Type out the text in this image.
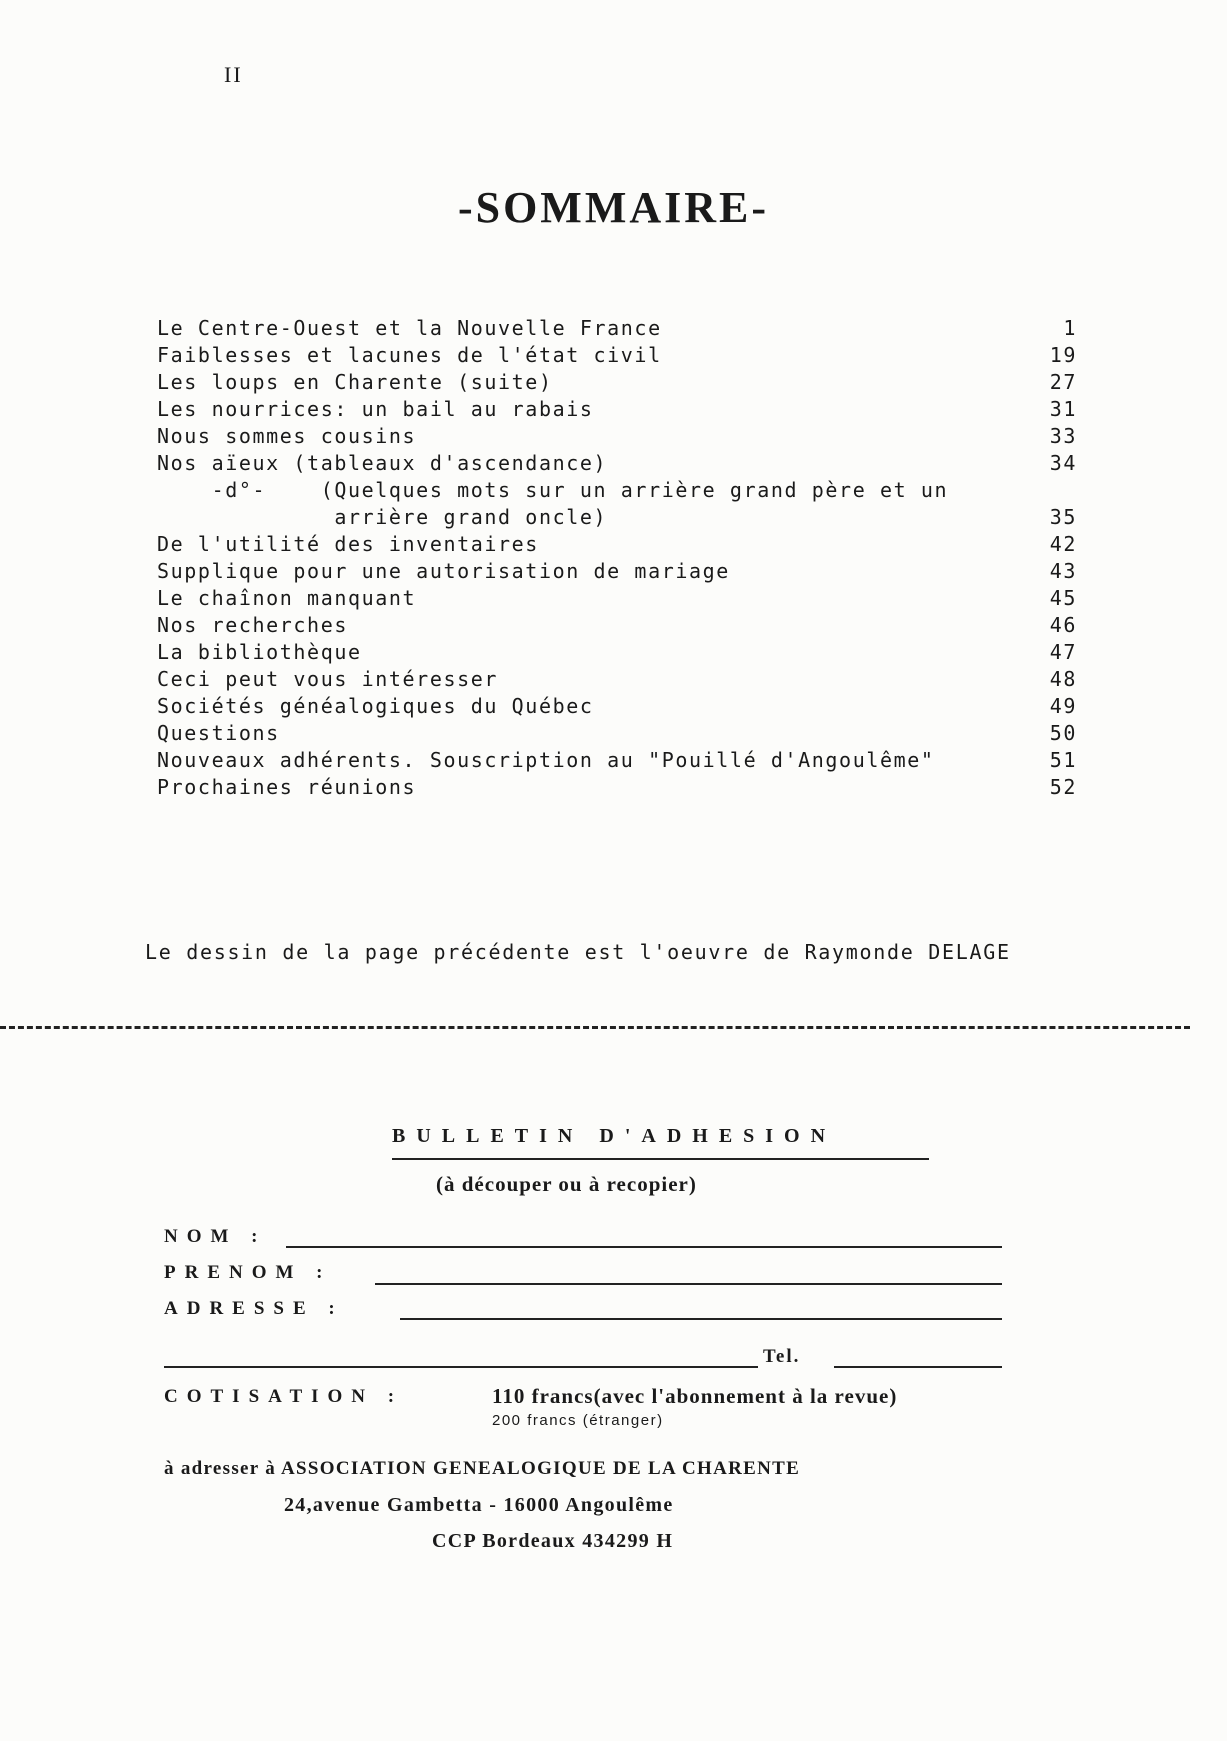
II
-SOMMAIRE-
Le Centre-Ouest et la Nouvelle France	1
Faiblesses et lacunes de l'état civil	19
Les loups en Charente (suite)	27
Les nourrices: un bail au rabais	31
Nous sommes cousins	33
Nos aïeux (tableaux d'ascendance)	34
-d°-    (Quelques mots sur un arrière grand père et un
arrière grand oncle)	35
De l'utilité des inventaires	42
Supplique pour une autorisation de mariage	43
Le chaînon manquant	45
Nos recherches	46
La bibliothèque	47
Ceci peut vous intéresser	48
Sociétés généalogiques du Québec	49
Questions	50
Nouveaux adhérents. Souscription au "Pouillé d'Angoulême"	51
Prochaines réunions	52
Le dessin de la page précédente est l'oeuvre de Raymonde DELAGE
BULLETIN D'ADHESION
(à découper ou à recopier)
NOM :
PRENOM :
ADRESSE :
Tel.
COTISATION :	110 francs(avec l'abonnement à la revue)
200 francs (étranger)
à adresser à ASSOCIATION GENEALOGIQUE DE LA CHARENTE
24,avenue Gambetta - 16000 Angoulême
CCP Bordeaux 434299 H
